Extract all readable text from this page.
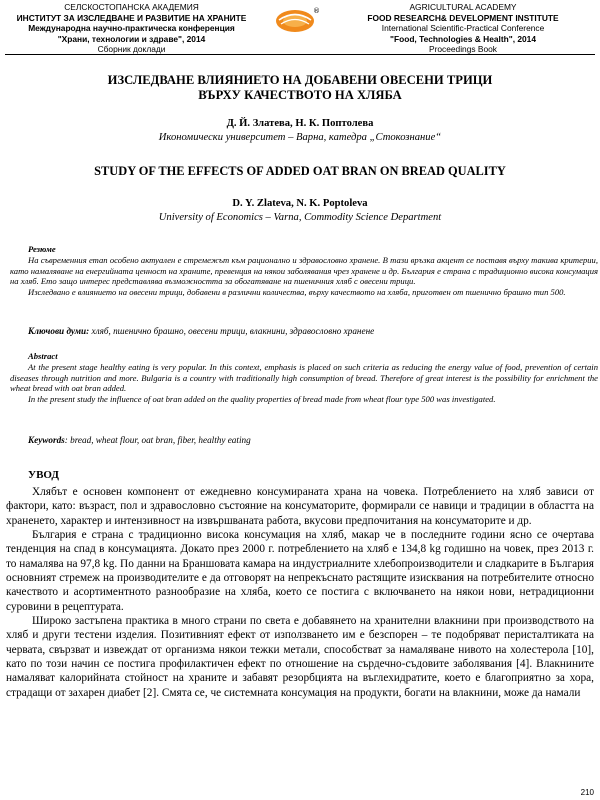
СЕЛСКОСТОПАНСКА АКАДЕМИЯ
ИНСТИТУТ ЗА ИЗСЛЕДВАНЕ И РАЗВИТИЕ НА ХРАНИТЕ
Международна научно-практическа конференция
"Храни, технологии и здраве", 2014
Сборник доклади
®	AGRICULTURAL ACADEMY
FOOD RESEARCH& DEVELOPMENT INSTITUTE
International Scientific-Practical Conference
"Food, Technologies & Health", 2014
Proceedings Book
ИЗСЛЕДВАНЕ ВЛИЯНИЕТО НА ДОБАВЕНИ ОВЕСЕНИ ТРИЦИ
ВЪРХУ КАЧЕСТВОТО НА ХЛЯБА
Д. Й. Златева, Н. К. Поптолева
Икономически университет – Варна, катедра „Стокознание“
STUDY OF THE EFFECTS OF ADDED OAT BRAN ON BREAD QUALITY
D. Y. Zlateva, N. K. Poptoleva
University of Economics – Varna, Commodity Science Department
Резюме

На съвременния етап особено актуален е стремежът към рационално и здравословно хранене. В тази връзка акцент се поставя върху такива критерии, като намаляване на енергийната ценност на храните, превенция на някои заболявания чрез хранене и др. България е страна с традиционно висока консумация на хляб. Ето защо интерес представлява възможността за обогатяване на пшеничния хляб с овесени трици.

Изследвано е влиянието на овесени трици, добавени в различни количества, върху качеството на хляба, приготвен от пшенично брашно тип 500.

Ключови думи: хляб, пшенично брашно, овесени трици, влакнини, здравословно хранене
Abstract

At the present stage healthy eating is very popular. In this context, emphasis is placed on such criteria as reducing the energy value of food, prevention of certain diseases through nutrition and more. Bulgaria is a country with traditionally high consumption of bread. Therefore of great interest is the possibility for enrichment the wheat bread with oat bran added.

In the present study the influence of oat bran added on the quality properties of bread made from wheat flour type 500 was investigated.

Keywords: bread, wheat flour, oat bran, fiber, healthy eating
УВОД

Хлябът е основен компонент от ежедневно консумираната храна на човека. Потреблението на хляб зависи от фактори, като: възраст, пол и здравословно състояние на консуматорите, формирали се навици и традиции в областта на храненето, характер и интензивност на извършваната работа, вкусови предпочитания на консуматорите и др.

България е страна с традиционно висока консумация на хляб, макар че в последните години ясно се очертава тенденция на спад в консумацията. Докато през 2000 г. потреблението на хляб е 134,8 kg годишно на човек, през 2013 г. то намалява на 97,8 kg. По данни на Браншовата камара на индустриалните хлебопроизводители и сладкарите в България основният стремеж на производителите е да отговорят на непрекъснато растящите изисквания на потребителите относно качеството и асортиментното разнообразие на хляба, което се постига с включването на някои нови, нетрадиционни суровини в рецептурата.

Широко застъпена практика в много страни по света е добавянето на хранителни влакнини при производството на хляб и други тестени изделия. Позитивният ефект от използването им е безспорен – те подобряват перисталтиката на червата, свързват и извеждат от организма някои тежки метали, способстват за намаляване нивото на холестерола [10], като по този начин се постига профилактичен ефект по отношение на сърдечно-съдовите заболявания [4]. Влакнините намаляват калорийната стойност на храните и забавят резорбцията на въглехидратите, което е благоприятно за хора, страдащи от захарен диабет [2]. Смята се, че системната консумация на продукти, богати на влакнини, може да намали

210
